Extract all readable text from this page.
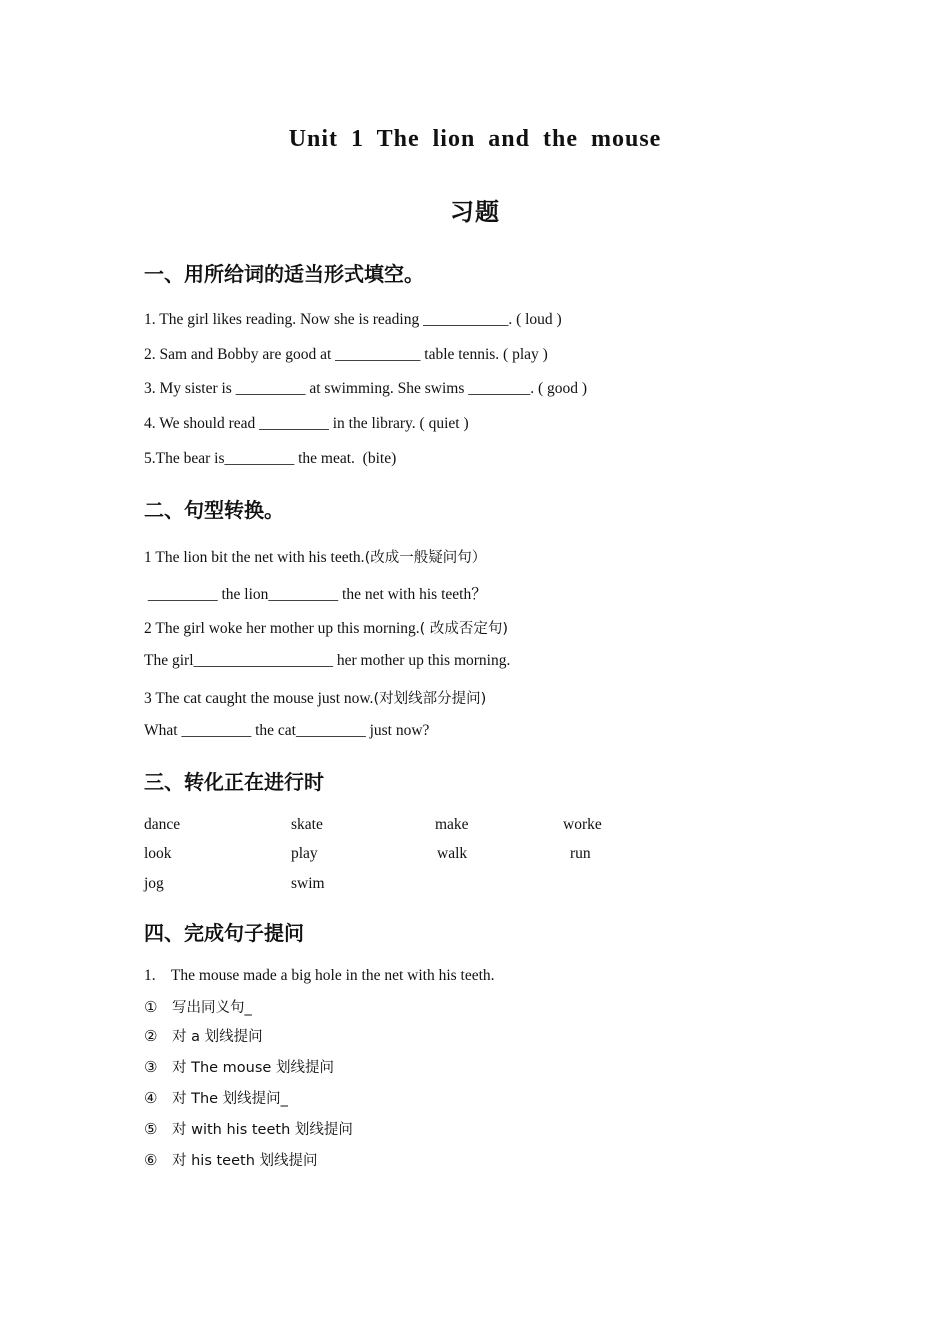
Unit 1 The lion and the mouse
习题
一、用所给词的适当形式填空。
1. The girl likes reading. Now she is reading ___________. ( loud )
2. Sam and Bobby are good at ___________ table tennis. ( play )
3. My sister is _________ at swimming. She swims ________. ( good )
4. We should read _________ in the library. ( quiet )
5.The bear is_________ the meat.  (bite)
二、句型转换。
1 The lion bit the net with his teeth.(改成一般疑问句）
_________ the lion_________ the net with his teeth？
2 The girl woke her mother up this morning.( 改成否定句)
The girl__________________ her mother up this morning.
3 The cat caught the mouse just now.(对划线部分提问)
What _________ the cat_________ just now?
三、转化正在进行时
dance	skate	make	worke
look	play	walk	run
jog	swim
四、完成句子提问
1.    The mouse made a big hole in the net with his teeth.
① 写出同义句_
② 对 a 划线提问
③ 对 The mouse 划线提问
④ 对 The 划线提问_
⑤ 对 with his teeth 划线提问
⑥ 对 his teeth 划线提问
